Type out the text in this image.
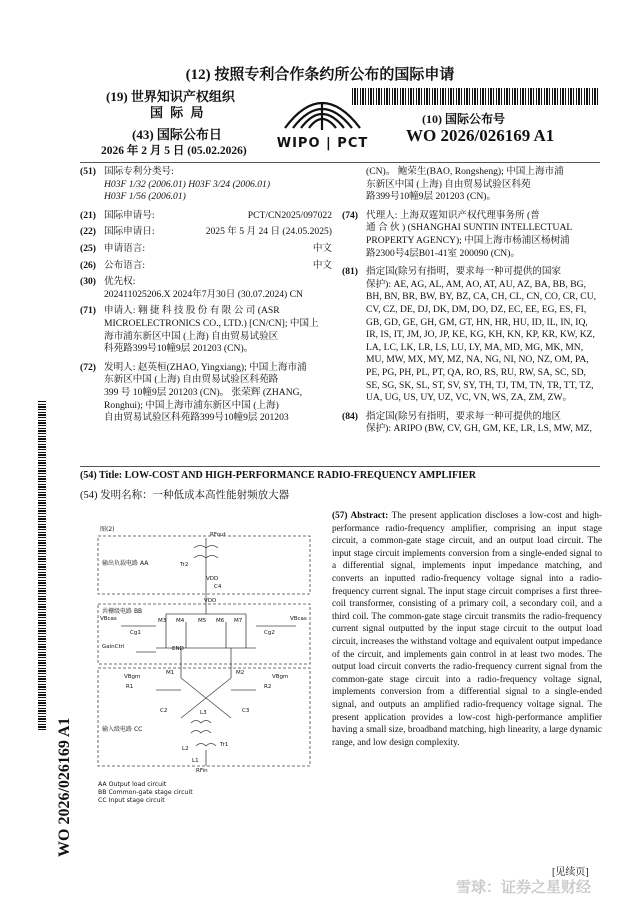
(12) 按照专利合作条约所公布的国际申请
(19) 世界知识产权组织
国 际 局
(43) 国际公布日
2026 年 2 月 5 日 (05.02.2026) WIPO | PCT
(10) 国际公布号
WO 2026/026169 A1
WO 2026/026169 A1
(51) 国际专利分类号:
H03F 1/32 (2006.01) H03F 3/24 (2006.01)
H03F 1/56 (2006.01)
(21) 国际申请号:	PCT/CN2025/097022
(22) 国际申请日:	2025 年 5 月 24 日 (24.05.2025)
(25) 申请语言:	中文
(26) 公布语言:	中文
(30) 优先权:
202411025206.X 2024年7月30日 (30.07.2024) CN
(71) 申请人: 翱 捷 科 技 股 份 有 限 公 司 (ASR
MICROELECTRONICS CO., LTD.) [CN/CN]; 中国上
海市浦东新区中国 (上海) 自由贸易试验区
科苑路399号10幢9层 201203 (CN)。
(72) 发明人: 赵英桓(ZHAO, Yingxiang); 中国上海市浦
东新区中国 (上海) 自由贸易试验区科苑路
399 号 10幢9层 201203 (CN)。 张荣辉 (ZHANG,
Ronghui); 中国上海市浦东新区中国 (上海)
自由贸易试验区科苑路399号10幢9层 201203
(CN)。 鲍荣生(BAO, Rongsheng); 中国上海市浦
东新区中国 (上海) 自由贸易试验区科苑
路399号10幢9层 201203 (CN)。
(74) 代理人: 上海双霆知识产权代理事务所 (普
通 合 伙 ) (SHANGHAI SUNTIN INTELLECTUAL
PROPERTY AGENCY); 中国上海市杨浦区杨树浦
路2300号4层B01-41室 200090 (CN)。
(81) 指定国(除另有指明，要求每一种可提供的国家
保护): AE, AG, AL, AM, AO, AT, AU, AZ, BA, BB, BG,
BH, BN, BR, BW, BY, BZ, CA, CH, CL, CN, CO, CR, CU,
CV, CZ, DE, DJ, DK, DM, DO, DZ, EC, EE, EG, ES, FI,
GB, GD, GE, GH, GM, GT, HN, HR, HU, ID, IL, IN, IQ,
IR, IS, IT, JM, JO, JP, KE, KG, KH, KN, KP, KR, KW, KZ,
LA, LC, LK, LR, LS, LU, LY, MA, MD, MG, MK, MN,
MU, MW, MX, MY, MZ, NA, NG, NI, NO, NZ, OM, PA,
PE, PG, PH, PL, PT, QA, RO, RS, RU, RW, SA, SC, SD,
SE, SG, SK, SL, ST, SV, SY, TH, TJ, TM, TN, TR, TT, TZ,
UA, UG, US, UY, UZ, VC, VN, WS, ZA, ZM, ZW。
(84) 指定国(除另有指明，要求每一种可提供的地区
保护): ARIPO (BW, CV, GH, GM, KE, LR, LS, MW, MZ,
(54) Title: LOW-COST AND HIGH-PERFORMANCE RADIO-FREQUENCY AMPLIFIER
(54) 发明名称：一种低成本高性能射频放大器
RFout
Tr2
VDD
C4
VDD
VBcas
Cg1
M3 M4	M5 M6 M7
Cg2
VBcas
GainCtrl	END
R1
VBgm
M1	M2
VBgm
R2
C2	L3	C3
L2
Tr1
L1
RFin
图(2)
输出负载电路 AA
共栅级电路 BB
输入级电路 CC
AA Output load circuit
BB Common-gate stage circuit
CC Input stage circuit
(57) Abstract: The present application discloses a low-cost and high-performance radio-frequency amplifier, comprising an input stage circuit, a common-gate stage circuit, and an output load circuit. The input stage circuit implements conversion from a single-ended signal to a differential signal, implements input impedance matching, and converts an inputted radio-frequency voltage signal into a radio-frequency current signal. The input stage circuit comprises a first three-coil transformer, consisting of a primary coil, a secondary coil, and a third coil. The common-gate stage circuit transmits the radio-frequency current signal outputted by the input stage circuit to the output load circuit, increases the withstand voltage and equivalent output impedance of the circuit, and implements gain control in at least two modes. The output load circuit converts the radio-frequency current signal from the common-gate stage circuit into a radio-frequency voltage signal, implements conversion from a differential signal to a single-ended signal, and outputs an amplified radio-frequency voltage signal. The present application provides a low-cost high-performance amplifier having a small size, broadband matching, high linearity, a large dynamic range, and low design complexity.
[见续页]
雪球：证券之星财经
